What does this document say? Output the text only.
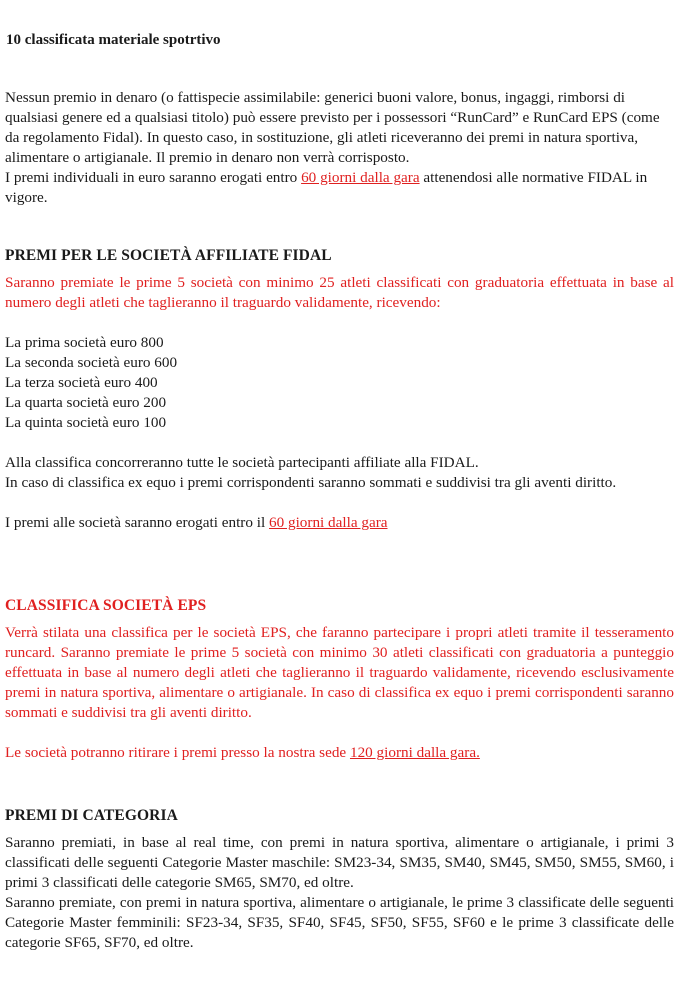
10 classificata materiale spotrtivo

Nessun premio in denaro (o fattispecie assimilabile: generici buoni valore, bonus, ingaggi, rimborsi di qualsiasi genere ed a qualsiasi titolo) può essere previsto per i possessori “RunCard” e RunCard EPS (come da regolamento Fidal). In questo caso, in sostituzione, gli atleti riceveranno dei premi in natura sportiva, alimentare o artigianale. Il premio in denaro non verrà corrisposto.

I premi individuali in euro saranno erogati entro 60 giorni dalla gara attenendosi alle normative FIDAL in vigore.

PREMI PER LE SOCIETÀ AFFILIATE FIDAL

Saranno premiate le prime 5 società con minimo 25 atleti classificati con graduatoria effettuata in base al numero degli atleti che taglieranno il traguardo validamente, ricevendo:

La prima società euro 800
La seconda società euro 600
La terza società euro 400
La quarta società euro 200
La quinta società euro 100

Alla classifica concorreranno tutte le società partecipanti affiliate alla FIDAL.

In caso di classifica ex equo i premi corrispondenti saranno sommati e suddivisi tra gli aventi diritto.

I premi alle società saranno erogati entro il 60 giorni dalla gara

CLASSIFICA SOCIETÀ EPS

Verrà stilata una classifica per le società EPS, che faranno partecipare i propri atleti tramite il tesseramento runcard. Saranno premiate le prime 5 società con minimo 30 atleti classificati con graduatoria a punteggio effettuata in base al numero degli atleti che taglieranno il traguardo validamente, ricevendo esclusivamente premi in natura sportiva, alimentare o artigianale. In caso di classifica ex equo i premi corrispondenti saranno sommati e suddivisi tra gli aventi diritto.

Le società potranno ritirare i premi presso la nostra sede 120 giorni dalla gara.

PREMI DI CATEGORIA

Saranno premiati, in base al real time, con premi in natura sportiva, alimentare o artigianale, i primi 3 classificati delle seguenti Categorie Master maschile: SM23-34, SM35, SM40, SM45, SM50, SM55, SM60, i primi 3 classificati delle categorie SM65, SM70, ed oltre.

Saranno premiate, con premi in natura sportiva, alimentare o artigianale, le prime 3 classificate delle seguenti Categorie Master femminili: SF23-34, SF35, SF40, SF45, SF50, SF55, SF60 e le prime 3 classificate delle categorie SF65, SF70, ed oltre.
